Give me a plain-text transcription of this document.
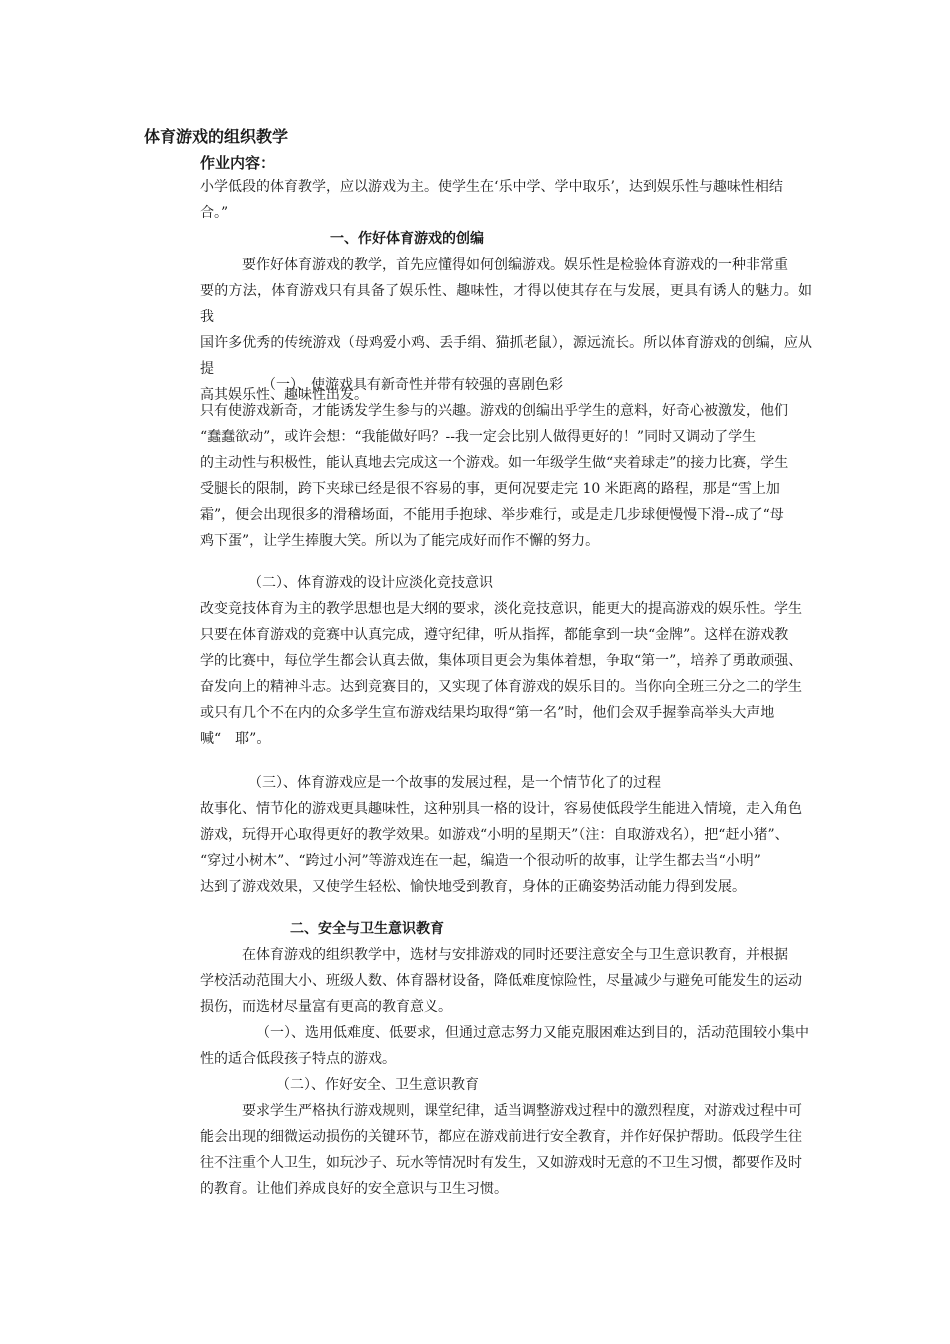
体育游戏的组织教学
作业内容：
小学低段的体育教学，应以游戏为主。使学生在‘乐中学、学中取乐’，达到娱乐性与趣味性相结
合。”
一、作好体育游戏的创编
要作好体育游戏的教学，首先应懂得如何创编游戏。娱乐性是检验体育游戏的一种非常重
要的方法，体育游戏只有具备了娱乐性、趣味性，才得以使其存在与发展，更具有诱人的魅力。如我
国许多优秀的传统游戏（母鸡爱小鸡、丢手绢、猫抓老鼠），源远流长。所以体育游戏的创编，应从提
高其娱乐性、趣味性出发。
（一）、使游戏具有新奇性并带有较强的喜剧色彩
只有使游戏新奇，才能诱发学生参与的兴趣。游戏的创编出乎学生的意料，好奇心被激发，他们
“蠢蠢欲动”，或许会想：“我能做好吗？--我一定会比别人做得更好的！”同时又调动了学生
的主动性与积极性，能认真地去完成这一个游戏。如一年级学生做“夹着球走”的接力比赛，学生
受腿长的限制，跨下夹球已经是很不容易的事，更何况要走完 10 米距离的路程，那是“雪上加
霜”，便会出现很多的滑稽场面，不能用手抱球、举步难行，或是走几步球便慢慢下滑--成了“母
鸡下蛋”，让学生捧腹大笑。所以为了能完成好而作不懈的努力。
（二）、体育游戏的设计应淡化竞技意识
改变竞技体育为主的教学思想也是大纲的要求，淡化竞技意识，能更大的提高游戏的娱乐性。学生
只要在体育游戏的竞赛中认真完成，遵守纪律，听从指挥，都能拿到一块“金牌”。这样在游戏教
学的比赛中，每位学生都会认真去做，集体项目更会为集体着想，争取“第一”，培养了勇敢顽强、
奋发向上的精神斗志。达到竞赛目的，又实现了体育游戏的娱乐目的。当你向全班三分之二的学生
或只有几个不在内的众多学生宣布游戏结果均取得“第一名”时，他们会双手握拳高举头大声地
喊“　耶”。
（三）、体育游戏应是一个故事的发展过程，是一个情节化了的过程
故事化、情节化的游戏更具趣味性，这种别具一格的设计，容易使低段学生能进入情境，走入角色
游戏，玩得开心取得更好的教学效果。如游戏“小明的星期天”（注：自取游戏名），把“赶小猪”、
“穿过小树木”、“跨过小河”等游戏连在一起，编造一个很动听的故事，让学生都去当“小明”
达到了游戏效果，又使学生轻松、愉快地受到教育，身体的正确姿势活动能力得到发展。
二、安全与卫生意识教育
在体育游戏的组织教学中，选材与安排游戏的同时还要注意安全与卫生意识教育，并根据
学校活动范围大小、班级人数、体育器材设备，降低难度惊险性，尽量减少与避免可能发生的运动
损伤，而选材尽量富有更高的教育意义。
（一）、选用低难度、低要求，但通过意志努力又能克服困难达到目的，活动范围较小集中
性的适合低段孩子特点的游戏。
（二）、作好安全、卫生意识教育
要求学生严格执行游戏规则，课堂纪律，适当调整游戏过程中的激烈程度，对游戏过程中可
能会出现的细微运动损伤的关键环节，都应在游戏前进行安全教育，并作好保护帮助。低段学生往
往不注重个人卫生，如玩沙子、玩水等情况时有发生，又如游戏时无意的不卫生习惯，都要作及时
的教育。让他们养成良好的安全意识与卫生习惯。
